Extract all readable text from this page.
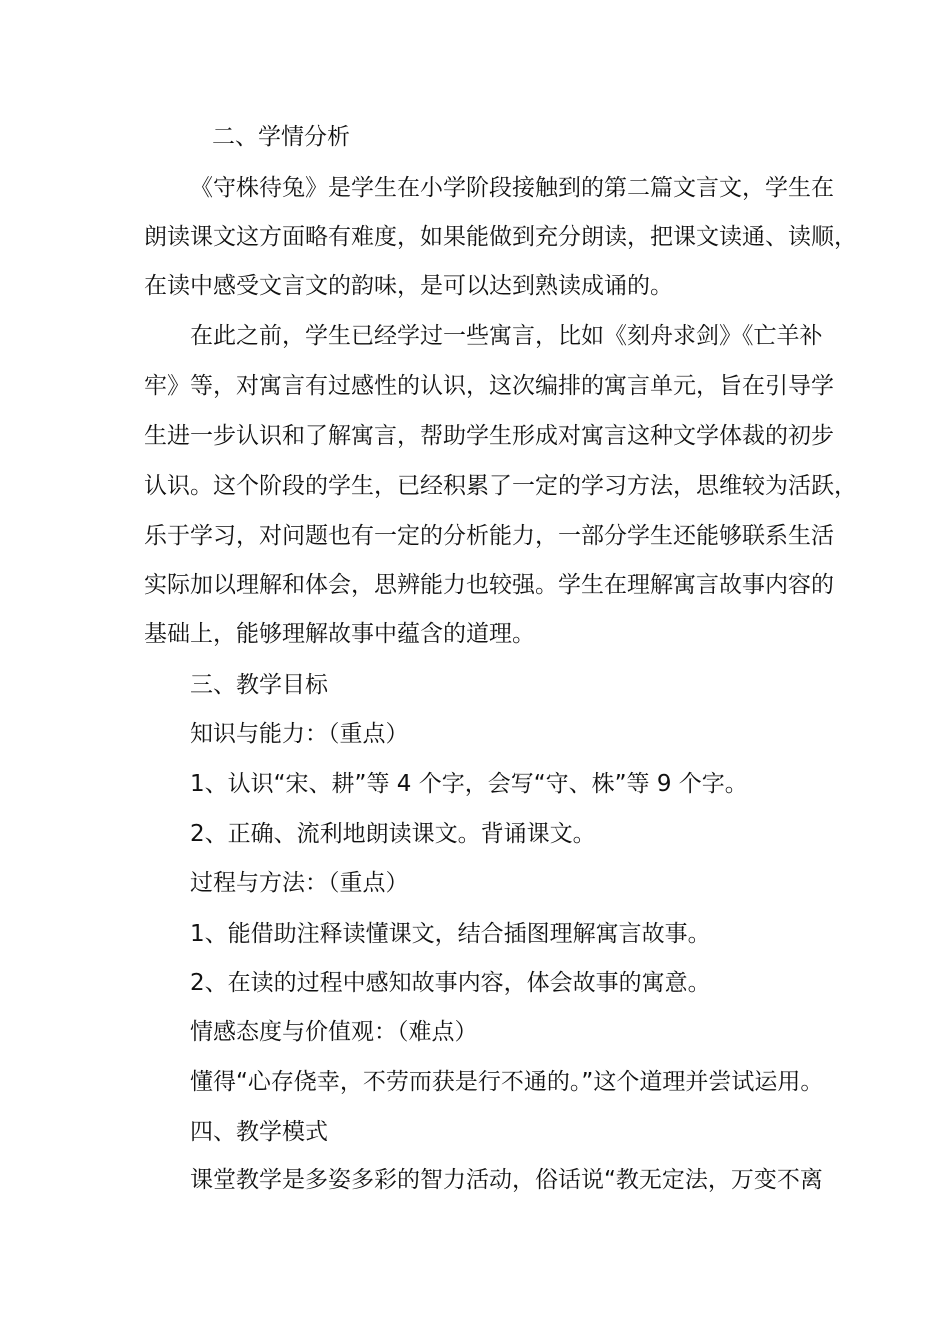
二、学情分析
《守株待兔》是学生在小学阶段接触到的第二篇文言文，学生在
朗读课文这方面略有难度，如果能做到充分朗读，把课文读通、读顺，
在读中感受文言文的韵味，是可以达到熟读成诵的。
在此之前，学生已经学过一些寓言，比如《刻舟求剑》《亡羊补
牢》等，对寓言有过感性的认识，这次编排的寓言单元，旨在引导学
生进一步认识和了解寓言，帮助学生形成对寓言这种文学体裁的初步
认识。这个阶段的学生，已经积累了一定的学习方法，思维较为活跃，
乐于学习，对问题也有一定的分析能力，一部分学生还能够联系生活
实际加以理解和体会，思辨能力也较强。学生在理解寓言故事内容的
基础上，能够理解故事中蕴含的道理。
三、教学目标
知识与能力：（重点）
1、认识“宋、耕”等 4 个字，会写“守、株”等 9 个字。
2、正确、流利地朗读课文。背诵课文。
过程与方法：（重点）
1、能借助注释读懂课文，结合插图理解寓言故事。
2、在读的过程中感知故事内容，体会故事的寓意。
情感态度与价值观：（难点）
懂得“心存侥幸，不劳而获是行不通的。”这个道理并尝试运用。
四、教学模式
课堂教学是多姿多彩的智力活动，俗话说“教无定法，万变不离
